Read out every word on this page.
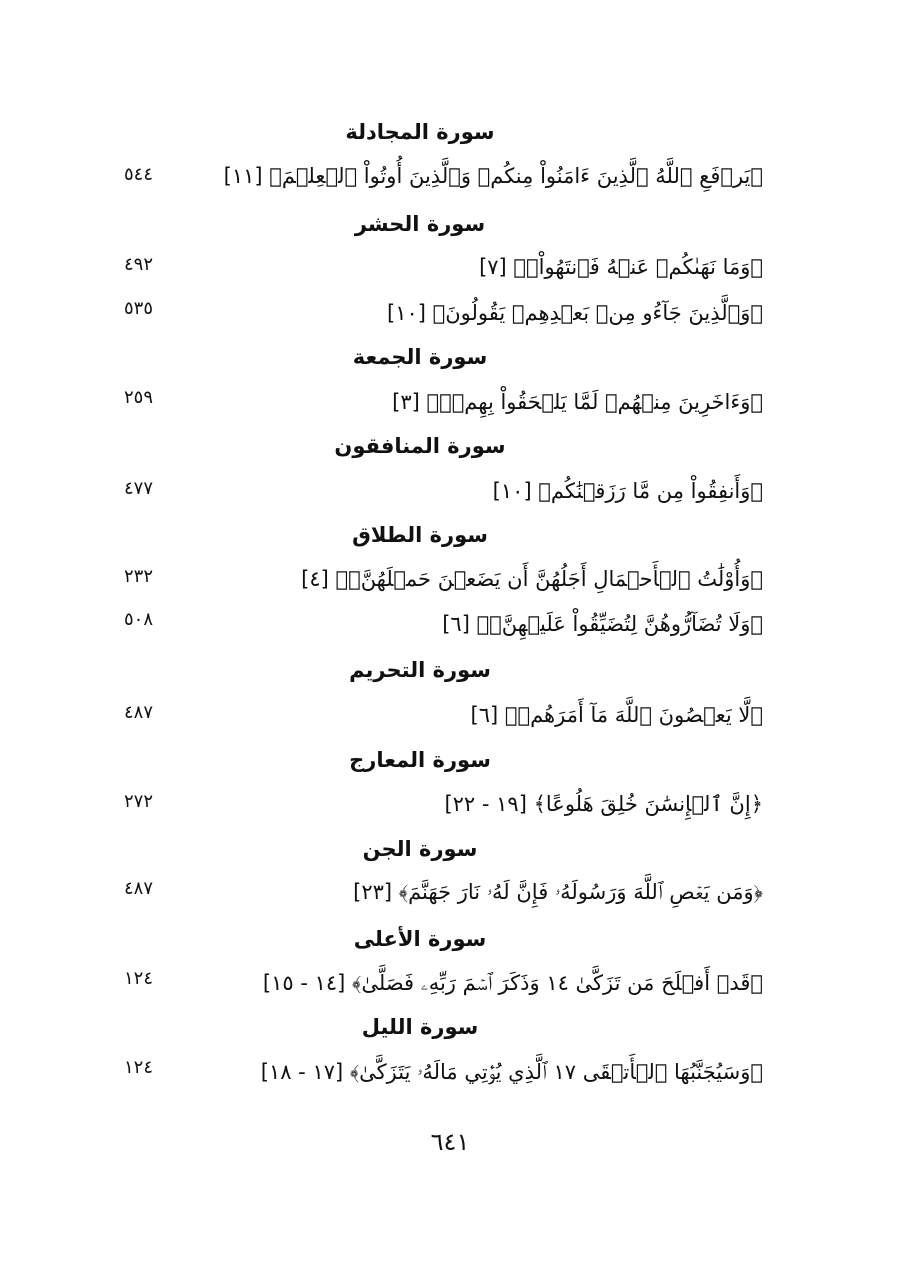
سورة المجادلة
﴿يَرۡفَعِ ٱللَّهُ ٱلَّذِينَ ءَامَنُواْ مِنكُمۡ وَٱلَّذِينَ أُوتُواْ ٱلۡعِلۡمَ﴾ [١١]
٥٤٤
سورة الحشر
﴿وَمَا نَهَىٰكُمۡ عَنۡهُ فَٱنتَهُواْۚ﴾ [٧]
٤٩٢
﴿وَٱلَّذِينَ جَآءُو مِنۢ بَعۡدِهِمۡ يَقُولُونَ﴾ [١٠]
٥٣٥
سورة الجمعة
﴿وَءَاخَرِينَ مِنۡهُمۡ لَمَّا يَلۡحَقُواْ بِهِمۡۚ﴾ [٣]
٢٥٩
سورة المنافقون
﴿وَأَنفِقُواْ مِن مَّا رَزَقۡنَٰكُم﴾ [١٠]
٤٧٧
سورة الطلاق
﴿وَأُوْلَٰتُ ٱلۡأَحۡمَالِ أَجَلُهُنَّ أَن يَضَعۡنَ حَمۡلَهُنَّۚ﴾ [٤]
٢٣٢
﴿وَلَا تُضَآرُّوهُنَّ لِتُضَيِّقُواْ عَلَيۡهِنَّۚ﴾ [٦]
٥٠٨
سورة التحريم
﴿لَّا يَعۡصُونَ ٱللَّهَ مَآ أَمَرَهُمۡ﴾ [٦]
٤٨٧
سورة المعارج
﴿إِنَّ ٱلۡإِنسَٰنَ خُلِقَ هَلُوعًا﴾ [١٩ - ٢٢]
٢٧٢
سورة الجن
﴿وَمَن يَعۡصِ ٱللَّهَ وَرَسُولَهُۥ فَإِنَّ لَهُۥ نَارَ جَهَنَّمَ﴾ [٢٣]
٤٨٧
سورة الأعلى
﴿قَدۡ أَفۡلَحَ مَن تَزَكَّىٰ ١٤ وَذَكَرَ ٱسۡمَ رَبِّهِۦ فَصَلَّىٰ﴾ [١٤ - ١٥]
١٢٤
سورة الليل
﴿وَسَيُجَنَّبُهَا ٱلۡأَتۡقَى ١٧ ٱلَّذِي يُؤۡتِي مَالَهُۥ يَتَزَكَّىٰ﴾ [١٧ - ١٨]
١٢٤
٦٤١
